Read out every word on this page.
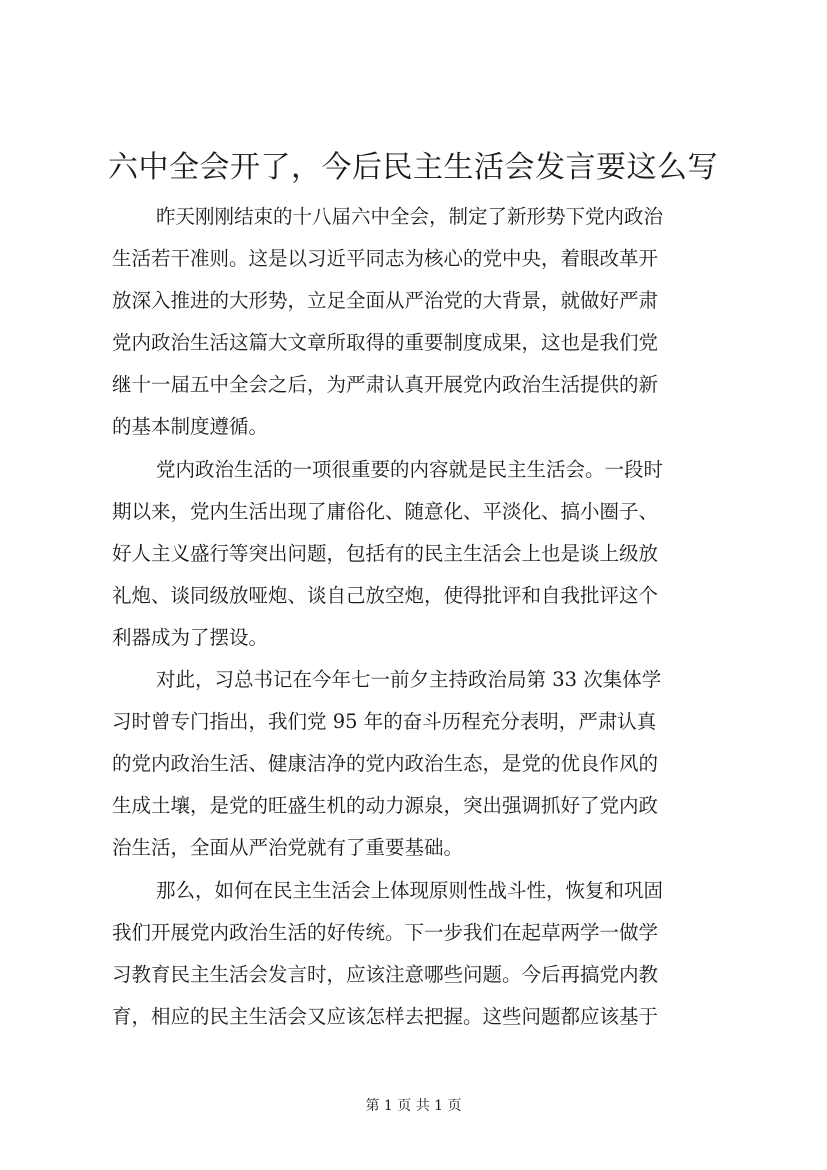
六中全会开了，今后民主生活会发言要这么写

昨天刚刚结束的十八届六中全会，制定了新形势下党内政治
生活若干准则。这是以习近平同志为核心的党中央，着眼改革开
放深入推进的大形势，立足全面从严治党的大背景，就做好严肃
党内政治生活这篇大文章所取得的重要制度成果，这也是我们党
继十一届五中全会之后，为严肃认真开展党内政治生活提供的新
的基本制度遵循。

党内政治生活的一项很重要的内容就是民主生活会。一段时
期以来，党内生活出现了庸俗化、随意化、平淡化、搞小圈子、
好人主义盛行等突出问题，包括有的民主生活会上也是谈上级放
礼炮、谈同级放哑炮、谈自己放空炮，使得批评和自我批评这个
利器成为了摆设。

对此，习总书记在今年七一前夕主持政治局第 33 次集体学
习时曾专门指出，我们党 95 年的奋斗历程充分表明，严肃认真
的党内政治生活、健康洁净的党内政治生态，是党的优良作风的
生成土壤，是党的旺盛生机的动力源泉，突出强调抓好了党内政
治生活，全面从严治党就有了重要基础。

那么，如何在民主生活会上体现原则性战斗性，恢复和巩固
我们开展党内政治生活的好传统。下一步我们在起草两学一做学
习教育民主生活会发言时，应该注意哪些问题。今后再搞党内教
育，相应的民主生活会又应该怎样去把握。这些问题都应该基于

第 1 页 共 1 页
